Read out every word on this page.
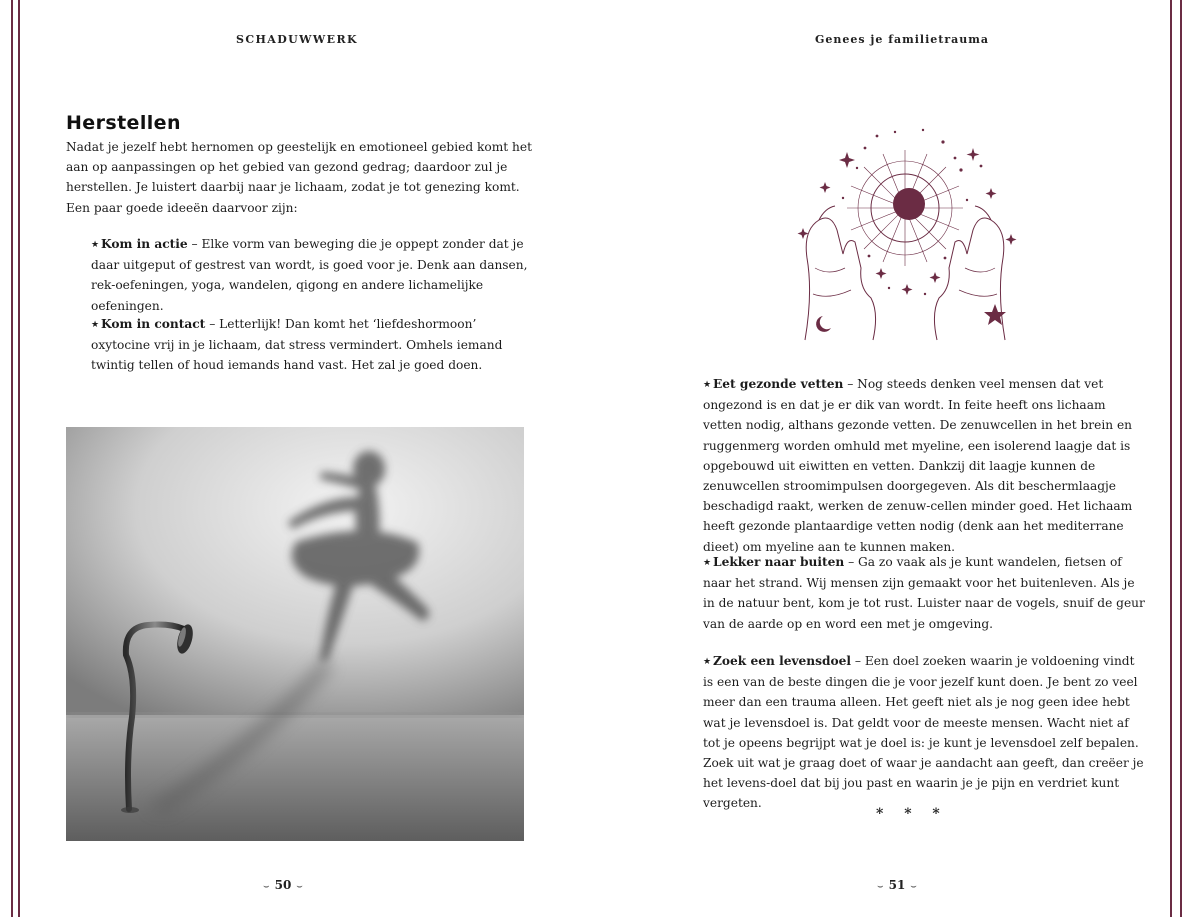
SCHADUWWERK
Herstellen

Nadat je jezelf hebt hernomen op geestelijk en emotioneel gebied komt het aan op aanpassingen op het gebied van gezond gedrag; daardoor zul je herstellen. Je luistert daarbij naar je lichaam, zodat je tot genezing komt. Een paar goede ideeën daarvoor zijn:

★ Kom in actie – Elke vorm van beweging die je oppept zonder dat je daar uitgeput of gestrest van wordt, is goed voor je. Denk aan dansen, rek-oefeningen, yoga, wandelen, qigong en andere lichamelijke oefeningen.

★ Kom in contact – Letterlijk! Dan komt het ‘liefdeshormoon’ oxytocine vrij in je lichaam, dat stress vermindert. Omhels iemand twintig tellen of houd iemands hand vast. Het zal je goed doen.

⌣ 50 ⌣
Genees je familietrauma

★ Eet gezonde vetten – Nog steeds denken veel mensen dat vet ongezond is en dat je er dik van wordt. In feite heeft ons lichaam vetten nodig, althans gezonde vetten. De zenuwcellen in het brein en ruggenmerg worden omhuld met myeline, een isolerend laagje dat is opgebouwd uit eiwitten en vetten. Dankzij dit laagje kunnen de zenuwcellen stroomimpulsen doorgegeven. Als dit beschermlaagje beschadigd raakt, werken de zenuw-cellen minder goed. Het lichaam heeft gezonde plantaardige vetten nodig (denk aan het mediterrane dieet) om myeline aan te kunnen maken.

★ Lekker naar buiten – Ga zo vaak als je kunt wandelen, fietsen of naar het strand. Wij mensen zijn gemaakt voor het buitenleven. Als je in de natuur bent, kom je tot rust. Luister naar de vogels, snuif de geur van de aarde op en word een met je omgeving.

★ Zoek een levensdoel – Een doel zoeken waarin je voldoening vindt is een van de beste dingen die je voor jezelf kunt doen. Je bent zo veel meer dan een trauma alleen. Het geeft niet als je nog geen idee hebt wat je levensdoel is. Dat geldt voor de meeste mensen. Wacht niet af tot je opeens begrijpt wat je doel is: je kunt je levensdoel zelf bepalen. Zoek uit wat je graag doet of waar je aandacht aan geeft, dan creëer je het levens-doel dat bij jou past en waarin je je pijn en verdriet kunt vergeten.

* * *
⌣ 51 ⌣
